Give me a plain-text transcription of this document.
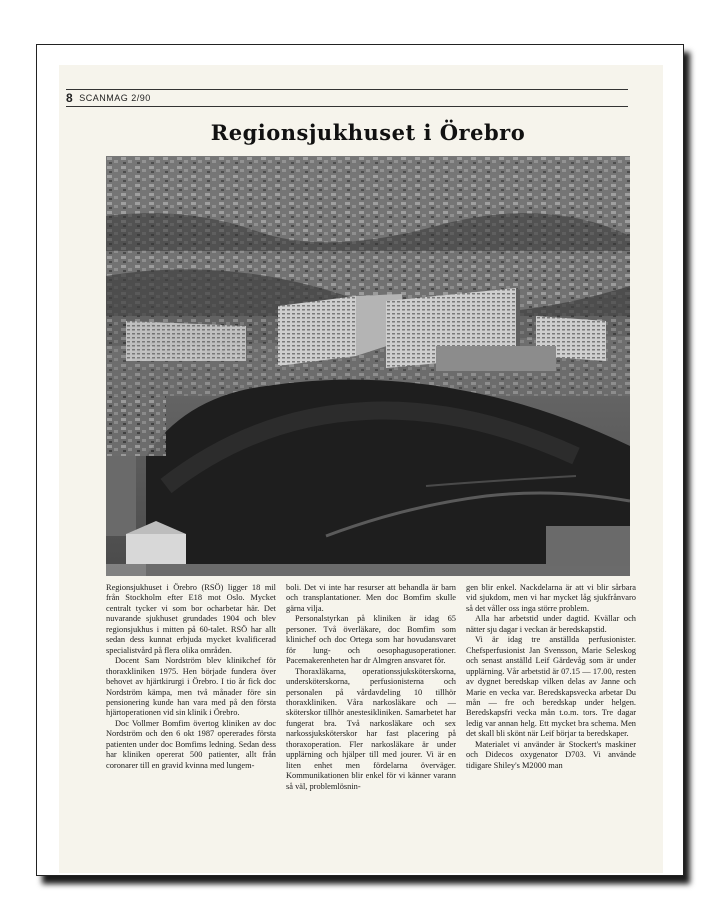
8 SCANMAG 2/90
Regionsjukhuset i Örebro

Regionsjukhuset i Örebro (RSÖ) ligger 18 mil från Stockholm efter E18 mot Oslo. Mycket centralt tycker vi som bor ocharbetar här. Det nuvarande sjukhuset grundades 1904 och blev regionsjukhus i mitten på 60-talet. RSÖ har allt sedan dess kunnat erbjuda mycket kvalificerad specialistvård på flera olika områden.

Docent Sam Nordström blev klinikchef för thoraxkliniken 1975. Hen började fundera över behovet av hjärtkirurgi i Örebro. I tio år fick doc Nordström kämpa, men två månader före sin pensionering kunde han vara med på den första hjärtoperationen vid sin klinik i Örebro.

Doc Vollmer Bomfim övertog kliniken av doc Nordström och den 6 okt 1987 opererades första patienten under doc Bomfims ledning. Sedan dess har kliniken opererat 500 patienter, allt från coronarer till en gravid kvinna med lungem-

boli. Det vi inte har resurser att behandla är barn och transplantationer. Men doc Bomfim skulle gärna vilja.

Personalstyrkan på kliniken är idag 65 personer. Två överläkare, doc Bomfim som klinichef och doc Ortega som har hovudansvaret för lung- och oesophagusoperationer. Pacemakerenheten har dr Almgren ansvaret för.

Thoraxläkarna, operationssjuksköterskorna, undersköterskorna, perfusionisterna och personalen på vårdavdeling 10 tillhör thoraxkliniken. Våra narkosläkare och — sköterskor tillhör anestesikliniken. Samarbetet har fungerat bra. Två narkosläkare och sex narkossjuksköterskor har fast placering på thoraxoperation. Fler narkosläkare är under upplärning och hjälper till med jourer. Vi är en liten enhet men fördelarna överväger. Kommunikationen blir enkel för vi känner varann så väl, problemlösnin-

gen blir enkel. Nackdelarna är att vi blir sårbara vid sjukdom, men vi har mycket låg sjukfrånvaro så det våller oss inga större problem.

Alla har arbetstid under dagtid. Kvällar och nätter sju dagar i veckan är beredskapstid.

Vi är idag tre anställda perfusionister. Chefsperfusionist Jan Svensson, Marie Seleskog och senast anställd Leif Gärdevåg som är under upplärning. Vår arbetstid är 07.15 — 17.00, resten av dygnet beredskap vilken delas av Janne och Marie en vecka var. Beredskapsvecka arbetar Du mån — fre och beredskap under helgen. Beredskapsfri vecka mån t.o.m. tors. Tre dagar ledig var annan helg. Ett mycket bra schema. Men det skall bli skönt när Leif börjar ta beredskaper.

Materialet vi använder är Stockert's maskiner och Didecos oxygenator D703. Vi använde tidigare Shiley's M2000 man
